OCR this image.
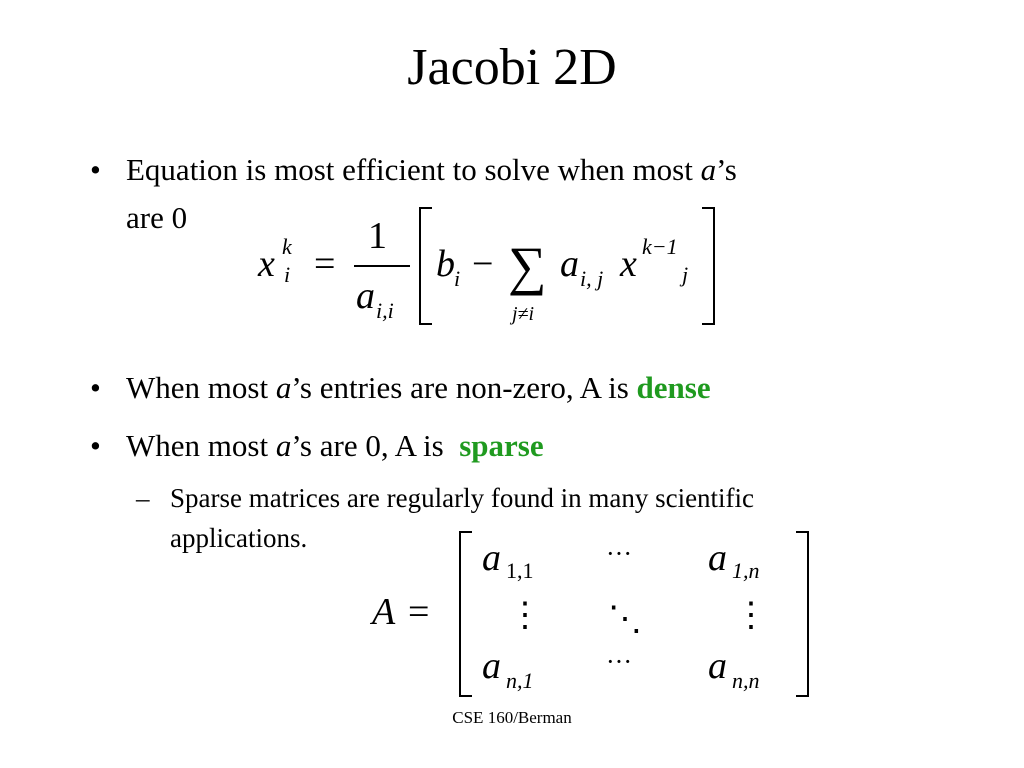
Jacobi 2D
• Equation is most efficient to solve when most a’s
are 0
x k
i =
1
a i,i
b i − ∑
j≠i
a i, j x k−1
j
• When most a’s entries are non-zero, A is dense
• When most a’s are 0, A is  sparse
– Sparse matrices are regularly found in many scientific
applications.
A =
a 1,1
··· a 1,n
⋮ ⋱	⋮
a n,1
··· a n,n
CSE 160/Berman
